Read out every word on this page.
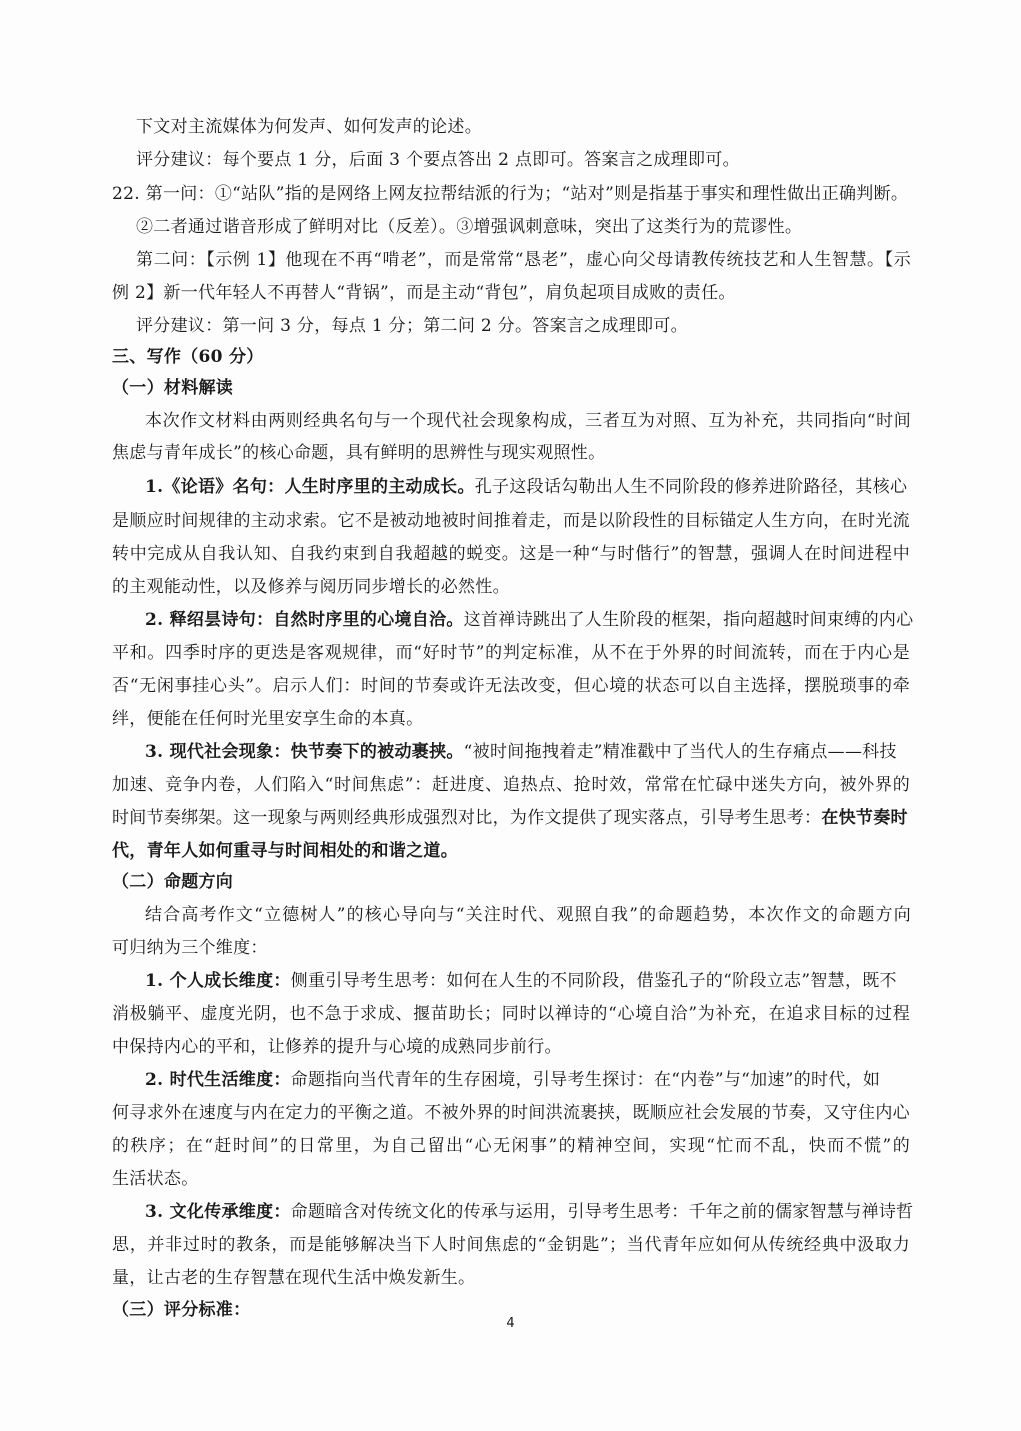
下文对主流媒体为何发声、如何发声的论述。
评分建议：每个要点 1 分，后面 3 个要点答出 2 点即可。答案言之成理即可。
22. 第一问：①“站队”指的是网络上网友拉帮结派的行为；“站对”则是指基于事实和理性做出正确判断。
②二者通过谐音形成了鲜明对比（反差）。③增强讽刺意味，突出了这类行为的荒谬性。
第二问：【示例 1】他现在不再“啃老”，而是常常“恳老”，虚心向父母请教传统技艺和人生智慧。【示
例 2】新一代年轻人不再替人“背锅”，而是主动“背包”，肩负起项目成败的责任。
评分建议：第一问 3 分，每点 1 分；第二问 2 分。答案言之成理即可。
三、写作（60 分）
（一）材料解读
本次作文材料由两则经典名句与一个现代社会现象构成，三者互为对照、互为补充，共同指向“时间
焦虑与青年成长”的核心命题，具有鲜明的思辨性与现实观照性。
1.《论语》名句：人生时序里的主动成长。孔子这段话勾勒出人生不同阶段的修养进阶路径，其核心
是顺应时间规律的主动求索。它不是被动地被时间推着走，而是以阶段性的目标锚定人生方向，在时光流
转中完成从自我认知、自我约束到自我超越的蜕变。这是一种“与时偕行”的智慧，强调人在时间进程中
的主观能动性，以及修养与阅历同步增长的必然性。
2. 释绍昙诗句：自然时序里的心境自洽。这首禅诗跳出了人生阶段的框架，指向超越时间束缚的内心
平和。四季时序的更迭是客观规律，而“好时节”的判定标准，从不在于外界的时间流转，而在于内心是
否“无闲事挂心头”。启示人们：时间的节奏或许无法改变，但心境的状态可以自主选择，摆脱琐事的牵
绊，便能在任何时光里安享生命的本真。
3. 现代社会现象：快节奏下的被动裹挟。“被时间拖拽着走”精准戳中了当代人的生存痛点——科技
加速、竞争内卷，人们陷入“时间焦虑”：赶进度、追热点、抢时效，常常在忙碌中迷失方向，被外界的
时间节奏绑架。这一现象与两则经典形成强烈对比，为作文提供了现实落点，引导考生思考：在快节奏时
代，青年人如何重寻与时间相处的和谐之道。
（二）命题方向
结合高考作文“立德树人”的核心导向与“关注时代、观照自我”的命题趋势，本次作文的命题方向
可归纳为三个维度：
1. 个人成长维度：侧重引导考生思考：如何在人生的不同阶段，借鉴孔子的“阶段立志”智慧，既不
消极躺平、虚度光阴，也不急于求成、揠苗助长；同时以禅诗的“心境自洽”为补充，在追求目标的过程
中保持内心的平和，让修养的提升与心境的成熟同步前行。
2. 时代生活维度：命题指向当代青年的生存困境，引导考生探讨：在“内卷”与“加速”的时代，如
何寻求外在速度与内在定力的平衡之道。不被外界的时间洪流裹挟，既顺应社会发展的节奏，又守住内心
的秩序；在“赶时间”的日常里，为自己留出“心无闲事”的精神空间，实现“忙而不乱，快而不慌”的
生活状态。
3. 文化传承维度：命题暗含对传统文化的传承与运用，引导考生思考：千年之前的儒家智慧与禅诗哲
思，并非过时的教条，而是能够解决当下人时间焦虑的“金钥匙”；当代青年应如何从传统经典中汲取力
量，让古老的生存智慧在现代生活中焕发新生。
（三）评分标准：
4
